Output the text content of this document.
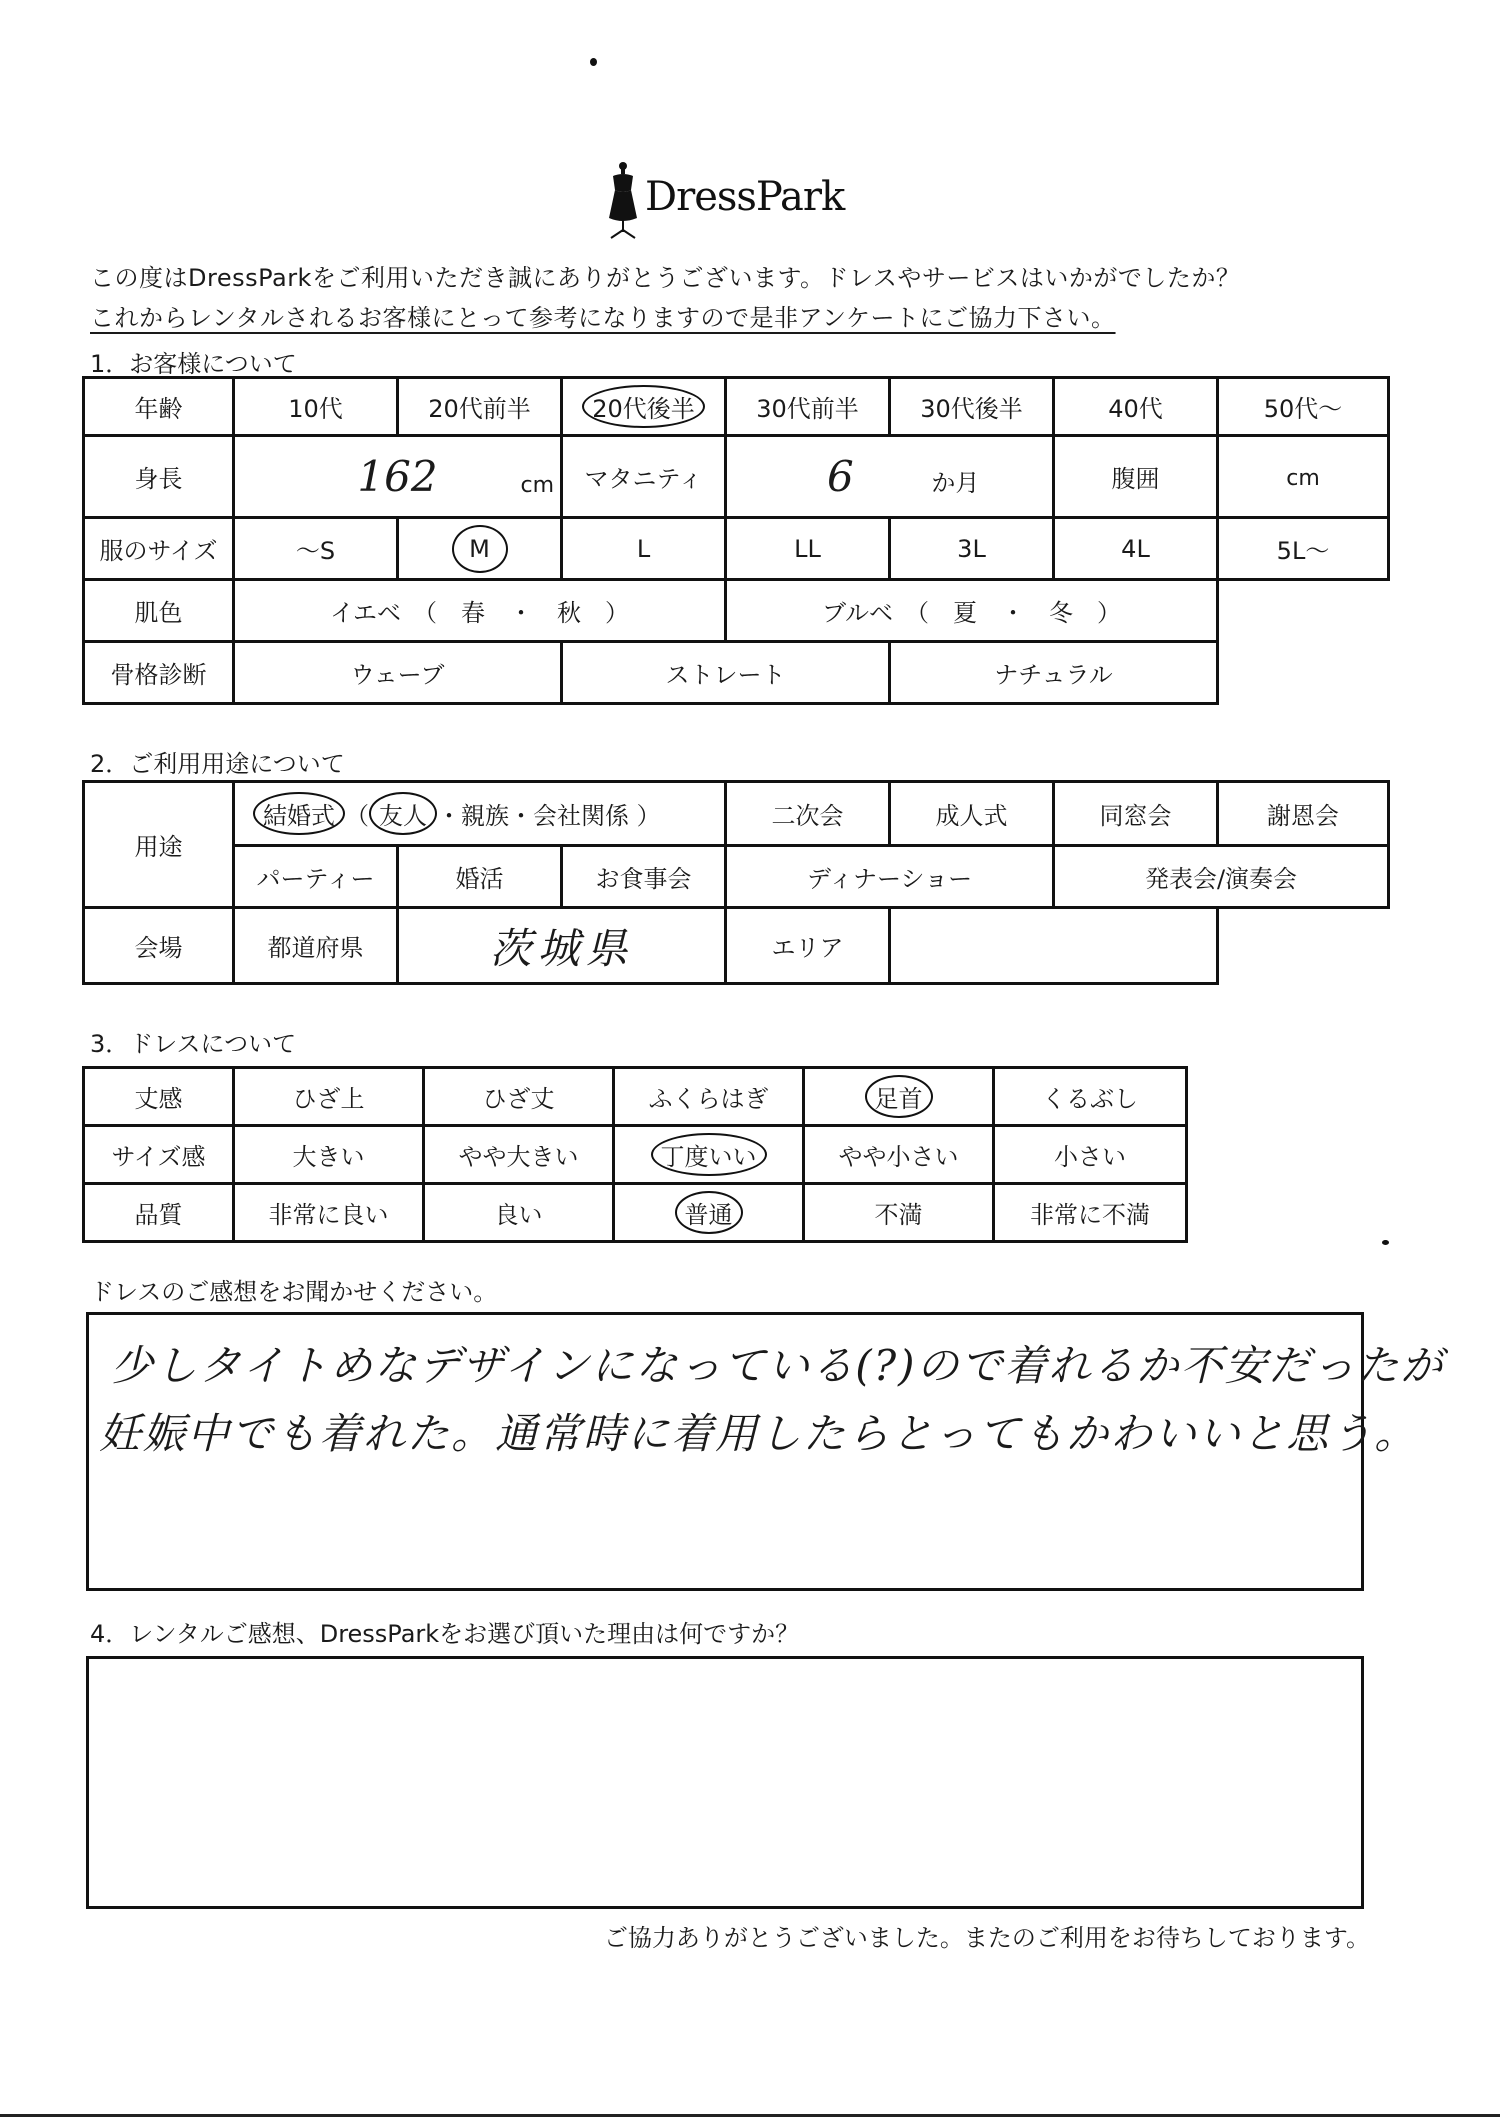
DressPark
この度はDressParkをご利用いただき誠にありがとうございます。ドレスやサービスはいかがでしたか？
これからレンタルされるお客様にとって参考になりますので是非アンケートにご協力下さい。
1．お客様について
年齢	10代	20代前半	20代後半	30代前半	30代後半	40代	50代～
身長	162 cm		マタニティ	6 か月		腹囲	cm
服のサイズ	～S	M	L	LL	3L	4L	5L～
肌色	イエベ　（　春　・　秋　）			ブルベ　（　夏　・　冬　）			
骨格診断	ウェーブ		ストレート		ナチュラル		
2．ご利用用途について
用途	結婚式 （ 友人 ・親族・会社関係 ）			二次会	成人式	同窓会	謝恩会
	パーティー	婚活	お食事会	ディナーショー		発表会/演奏会	
会場	都道府県	茨城県		エリア			
3．ドレスについて
丈感	ひざ上	ひざ丈	ふくらはぎ	足首	くるぶし
サイズ感	大きい	やや大きい	丁度いい	やや小さい	小さい
品質	非常に良い	良い	普通	不満	非常に不満
ドレスのご感想をお聞かせください。
少しタイトめなデザインになっている(?)ので着れるか不安だったが
妊娠中でも着れた。通常時に着用したらとってもかわいいと思う。
4．レンタルご感想、DressParkをお選び頂いた理由は何ですか？
ご協力ありがとうございました。またのご利用をお待ちしております。
